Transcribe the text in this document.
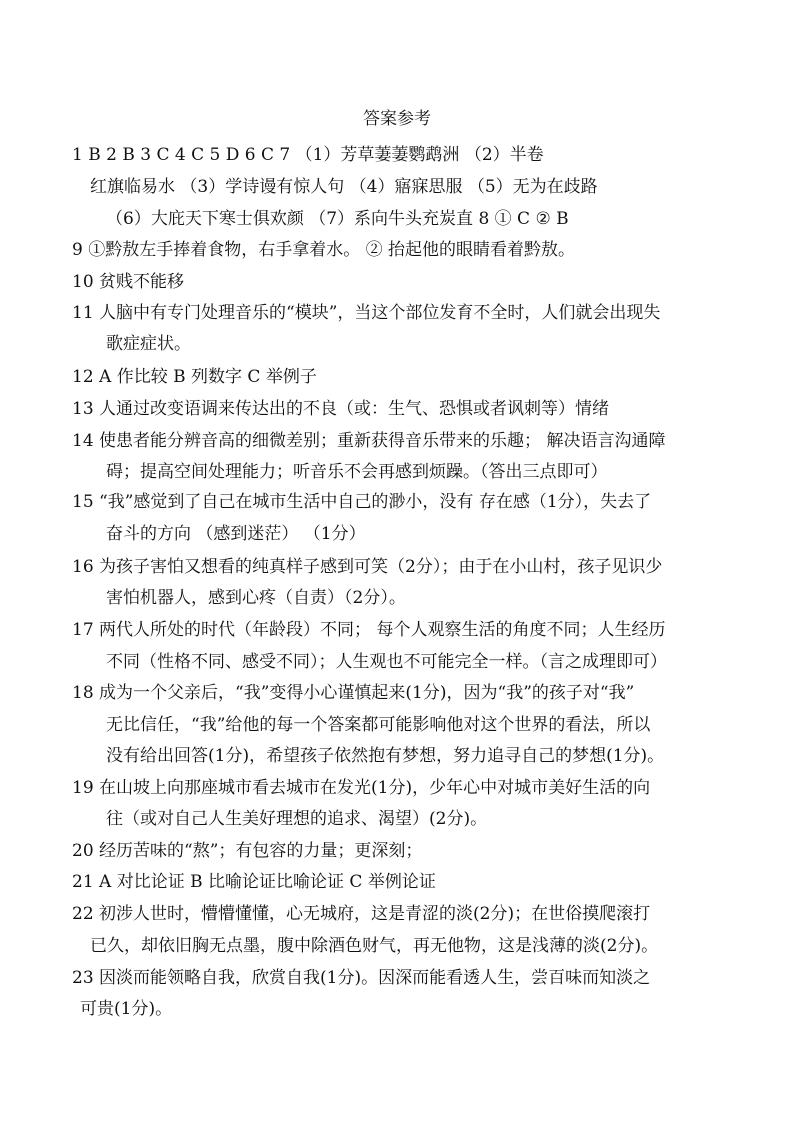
答案参考
1 B 2 B 3 C 4 C 5 D 6 C 7 （1）芳草萋萋鹦鹉洲 （2）半卷
红旗临易水 （3）学诗谩有惊人句 （4）寤寐思服 （5）无为在歧路
（6）大庇天下寒士俱欢颜 （7）系向牛头充炭直 8 ① C ② B
9 ①黔敖左手捧着食物，右手拿着水。 ② 抬起他的眼睛看着黔敖。
10 贫贱不能移
11 人脑中有专门处理音乐的“模块”，当这个部位发育不全时，人们就会出现失
歌症症状。
12 A 作比较 B 列数字 C 举例子
13 人通过改变语调来传达出的不良（或：生气、恐惧或者讽刺等）情绪
14 使患者能分辨音高的细微差别；重新获得音乐带来的乐趣； 解决语言沟通障
碍；提高空间处理能力；听音乐不会再感到烦躁。（答出三点即可）
15 “我”感觉到了自己在城市生活中自己的渺小，没有 存在感（1分），失去了
奋斗的方向 （感到迷茫） （1分）
16 为孩子害怕又想看的纯真样子感到可笑（2分）；由于在小山村，孩子见识少
害怕机器人，感到心疼（自责）（2分）。
17 两代人所处的时代（年龄段）不同； 每个人观察生活的角度不同；人生经历
不同（性格不同、感受不同）；人生观也不可能完全一样。（言之成理即可）
18 成为一个父亲后，“我”变得小心谨慎起来(1分)，因为“我”的孩子对“我”
无比信任，“我”给他的每一个答案都可能影响他对这个世界的看法，所以
没有给出回答(1分)，希望孩子依然抱有梦想，努力追寻自己的梦想(1分)。
19 在山坡上向那座城市看去城市在发光(1分)，少年心中对城市美好生活的向
往（或对自己人生美好理想的追求、渴望）(2分)。
20 经历苦味的“熬”；有包容的力量；更深刻；
21 A 对比论证 B 比喻论证比喻论证 C 举例论证
22 初涉人世时，懵懵懂懂，心无城府，这是青涩的淡(2分)；在世俗摸爬滚打
已久，却依旧胸无点墨，腹中除酒色财气，再无他物，这是浅薄的淡(2分)。
23 因淡而能领略自我，欣赏自我(1分)。因深而能看透人生，尝百味而知淡之
可贵(1分)。
